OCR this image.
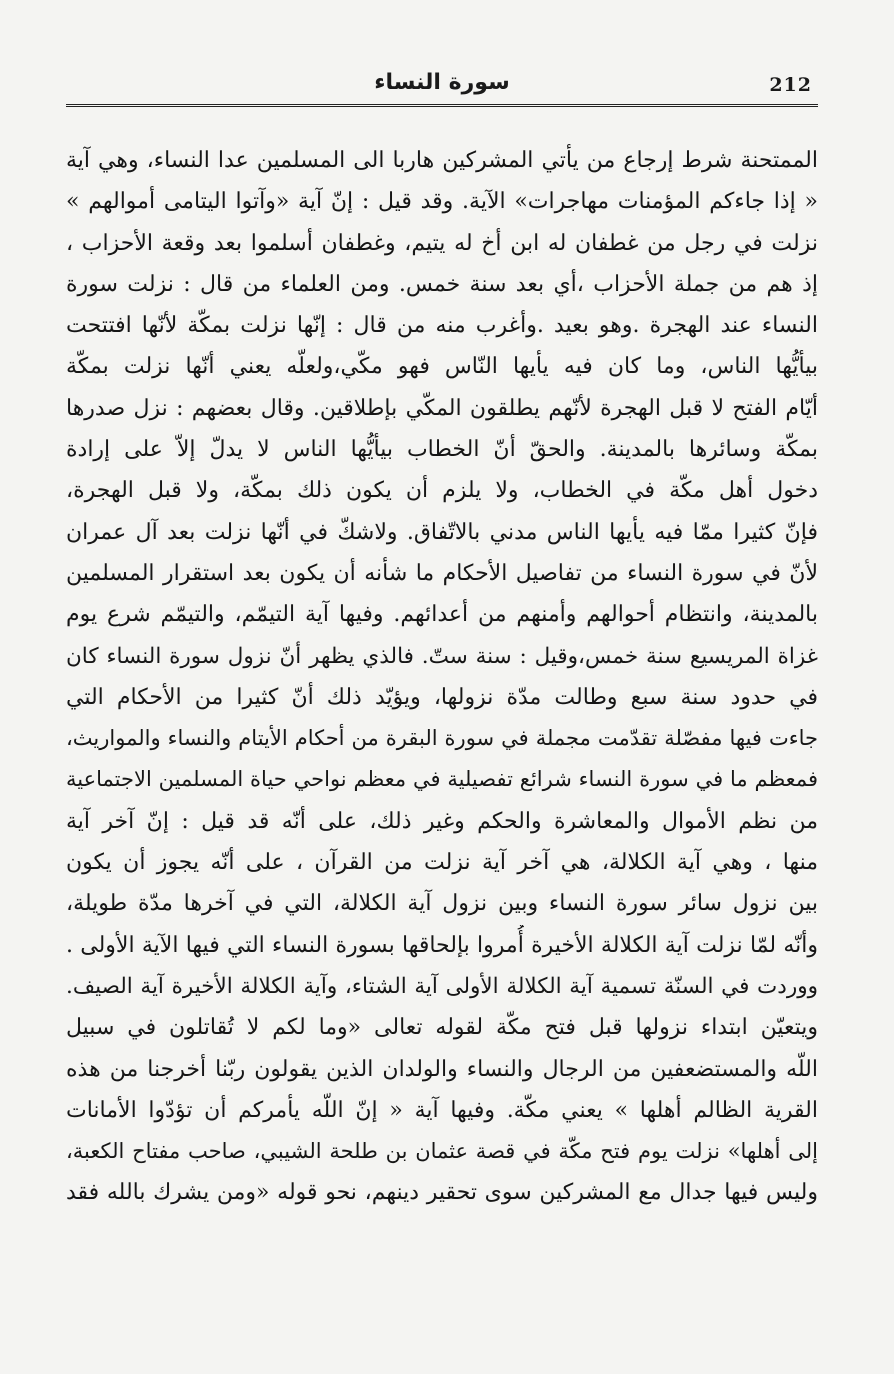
سورة النساء	212
الممتحنة شرط إرجاع من يأتي المشركين هاربا الى المسلمين عدا النساء، وهي آية
« إذا جاءكم المؤمنات مهاجرات» الآية. وقد قيل : إنّ آية «وآتوا اليتامى أموالهم »
نزلت في رجل من غطفان له ابن أخ له يتيم، وغطفان أسلموا بعد وقعة الأحزاب ،
إذ هم من جملة الأحزاب ،أي بعد سنة خمس. ومن العلماء من قال : نزلت سورة
النساء عند الهجرة .وهو بعيد .وأغرب منه من قال : إنّها نزلت بمكّة لأنّها افتتحت
بيأيُّها الناس، وما كان فيه يأيها النّاس فهو مكّي،ولعلّه يعني أنّها نزلت بمكّة
أيّام الفتح لا قبل الهجرة لأنّهم يطلقون المكّي بإطلاقين. وقال بعضهم : نزل صدرها
بمكّة وسائرها بالمدينة. والحقّ أنّ الخطاب بيأيُّها الناس لا يدلّ إلاّ على إرادة
دخول أهل مكّة في الخطاب، ولا يلزم أن يكون ذلك بمكّة، ولا قبل الهجرة،
فإنّ كثيرا ممّا فيه يأيها الناس مدني بالاتّفاق. ولاشكّ في أنّها نزلت بعد آل عمران
لأنّ في سورة النساء من تفاصيل الأحكام ما شأنه أن يكون بعد استقرار المسلمين
بالمدينة، وانتظام أحوالهم وأمنهم من أعدائهم. وفيها آية التيمّم، والتيمّم شرع يوم
غزاة المريسيع سنة خمس،وقيل : سنة ستّ. فالذي يظهر أنّ نزول سورة النساء كان
في حدود سنة سبع وطالت مدّة نزولها، ويؤيّد ذلك أنّ كثيرا من الأحكام التي
جاءت فيها مفصّلة تقدّمت مجملة في سورة البقرة من أحكام الأيتام والنساء والمواريث،
فمعظم ما في سورة النساء شرائع تفصيلية في معظم نواحي حياة المسلمين الاجتماعية
من نظم الأموال والمعاشرة والحكم وغير ذلك، على أنّه قد قيل : إنّ آخر آية
منها ، وهي آية الكلالة، هي آخر آية نزلت من القرآن ، على أنّه يجوز أن يكون
بين نزول سائر سورة النساء وبين نزول آية الكلالة، التي في آخرها مدّة طويلة،
وأنّه لمّا نزلت آية الكلالة الأخيرة أُمروا بإلحاقها بسورة النساء التي فيها الآية الأولى .
ووردت في السنّة تسمية آية الكلالة الأولى آية الشتاء، وآية الكلالة الأخيرة آية الصيف.
ويتعيّن ابتداء نزولها قبل فتح مكّة لقوله تعالى «وما لكم لا تُقاتلون في سبيل
اللّه والمستضعفين من الرجال والنساء والولدان الذين يقولون ربّنا أخرجنا من هذه
القرية الظالم أهلها » يعني مكّة. وفيها آية « إنّ اللّه يأمركم أن تؤدّوا الأمانات
إلى أهلها» نزلت يوم فتح مكّة في قصة عثمان بن طلحة الشيبي، صاحب مفتاح الكعبة،
وليس فيها جدال مع المشركين سوى تحقير دينهم، نحو قوله «ومن يشرك بالله فقد
